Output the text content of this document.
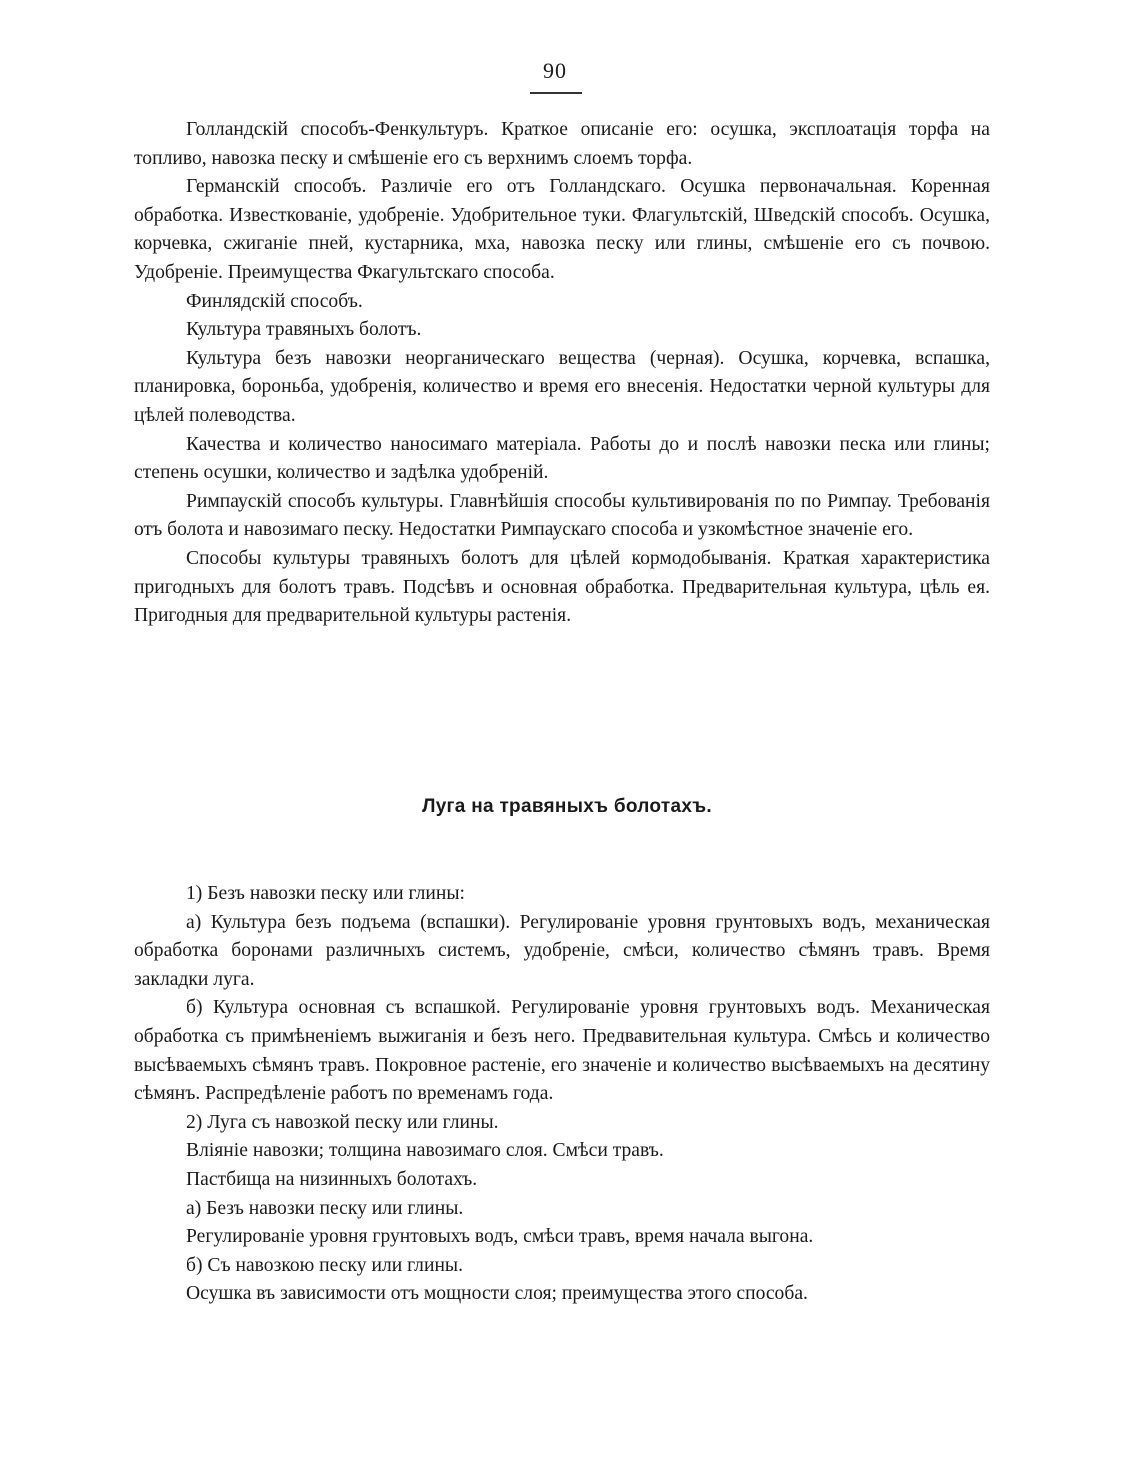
90

Голландскій способъ-Фенкультуръ. Краткое описаніе его: осушка, эксплоатація торфа на топливо, навозка песку и смѣшеніе его съ верхнимъ слоемъ торфа.

Германскій способъ. Различіе его отъ Голландскаго. Осушка первоначальная. Коренная обработка. Известкованіе, удобреніе. Удобрительное туки. Флагультскій, Шведскій способъ. Осушка, корчевка, сжиганіе пней, кустарника, мха, навозка песку или глины, смѣшеніе его съ почвою. Удобреніе. Преимущества Фкагультскаго способа.

Финлядскій способъ.

Культура травяныхъ болотъ.

Культура безъ навозки неорганическаго вещества (черная). Осушка, корчевка, вспашка, планировка, бороньба, удобренія, количество и время его внесенія. Недостатки черной культуры для цѣлей полеводства.

Качества и количество наносимаго матеріала. Работы до и послѣ навозки песка или глины; степень осушки, количество и задѣлка удобреній.

Римпаускій способъ культуры. Главнѣйшія способы культивированія по по Римпау. Требованія отъ болота и навозимаго песку. Недостатки Римпаускаго способа и узкомѣстное значеніе его.

Способы культуры травяныхъ болотъ для цѣлей кормодобыванія. Краткая характеристика пригодныхъ для болотъ травъ. Подсѣвъ и основная обработка. Предварительная культура, цѣль ея. Пригодныя для предварительной культуры растенія.

Луга на травяныхъ болотахъ.

1) Безъ навозки песку или глины:

а) Культура безъ подъема (вспашки). Регулированіе уровня грунтовыхъ водъ, механическая обработка боронами различныхъ системъ, удобреніе, смѣси, количество сѣмянъ травъ. Время закладки луга.

б) Культура основная съ вспашкой. Регулированіе уровня грунтовыхъ водъ. Механическая обработка съ примѣненіемъ выжиганія и безъ него. Предвавительная культура. Смѣсь и количество высѣваемыхъ сѣмянъ травъ. Покровное растеніе, его значеніе и количество высѣваемыхъ на десятину сѣмянъ. Распредѣленіе работъ по временамъ года.

2) Луга съ навозкой песку или глины.

Вліяніе навозки; толщина навозимаго слоя. Смѣси травъ.

Пастбища на низинныхъ болотахъ.

а) Безъ навозки песку или глины.

Регулированіе уровня грунтовыхъ водъ, смѣси травъ, время начала выгона.

б) Съ навозкою песку или глины.

Осушка въ зависимости отъ мощности слоя; преимущества этого способа.
